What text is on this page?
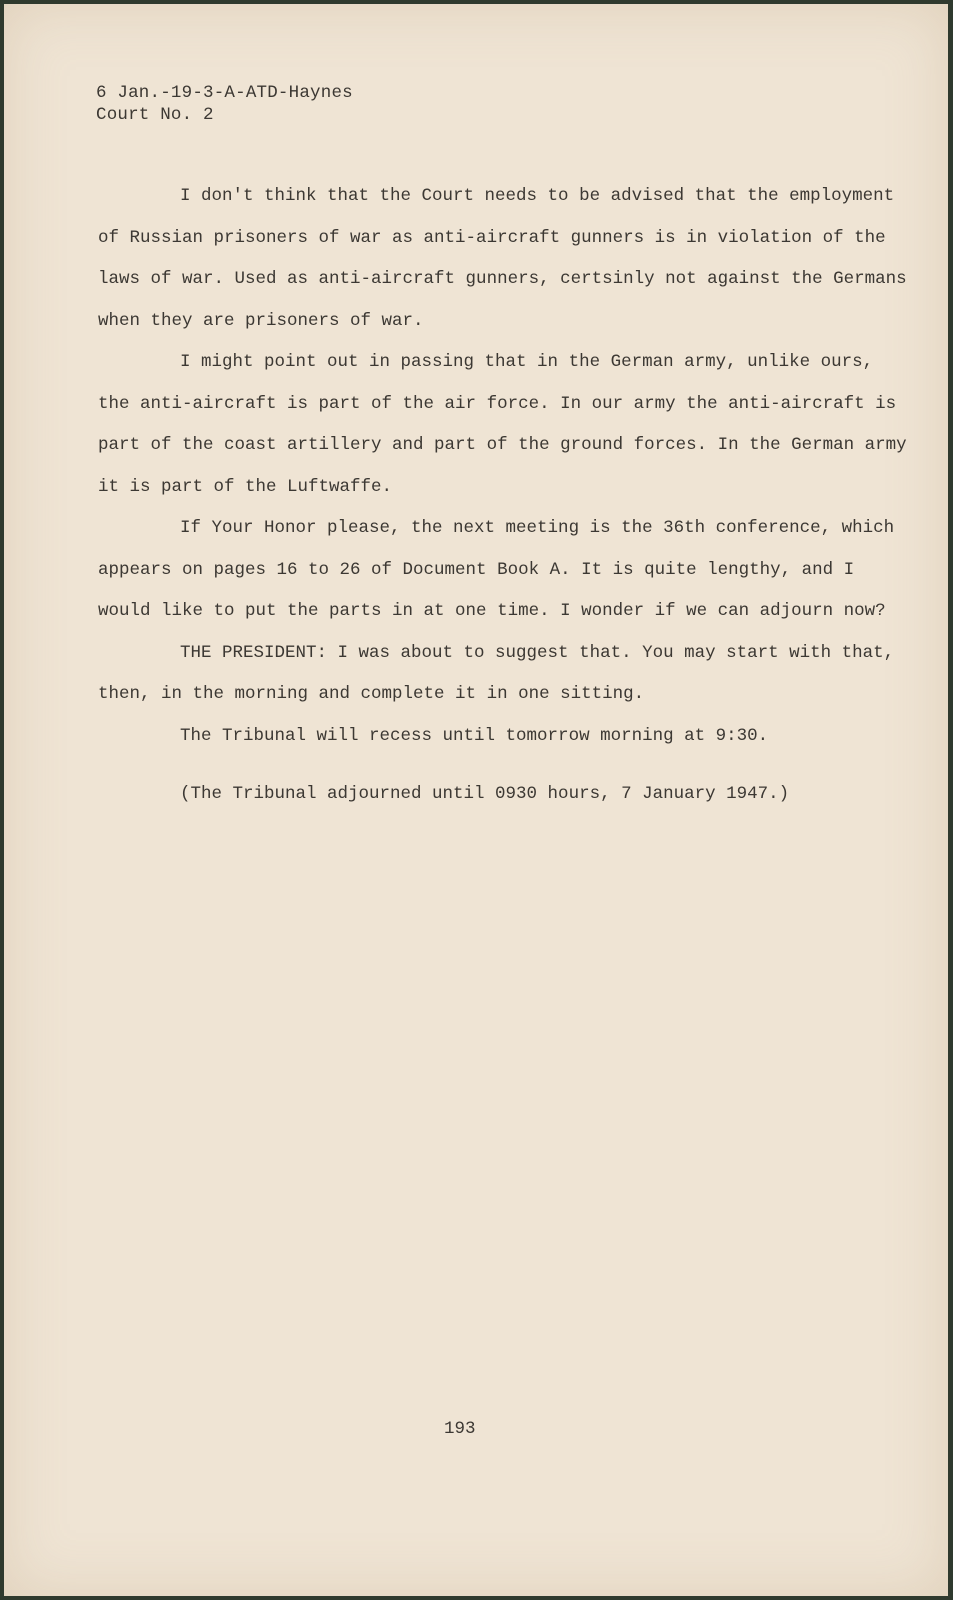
6 Jan.-19-3-A-ATD-Haynes
Court No. 2
I don't think that the Court needs to be advised that the employment
of Russian prisoners of war as anti-aircraft gunners is in violation of the
laws of war. Used as anti-aircraft gunners, certsinly not against the Germans
when they are prisoners of war.
I might point out in passing that in the German army, unlike ours,
the anti-aircraft is part of the air force. In our army the anti-aircraft is
part of the coast artillery and part of the ground forces. In the German army
it is part of the Luftwaffe.
If Your Honor please, the next meeting is the 36th conference, which
appears on pages 16 to 26 of Document Book A. It is quite lengthy, and I
would like to put the parts in at one time. I wonder if we can adjourn now?
THE PRESIDENT: I was about to suggest that. You may start with that,
then, in the morning and complete it in one sitting.
The Tribunal will recess until tomorrow morning at 9:30.
(The Tribunal adjourned until 0930 hours, 7 January 1947.)
193
